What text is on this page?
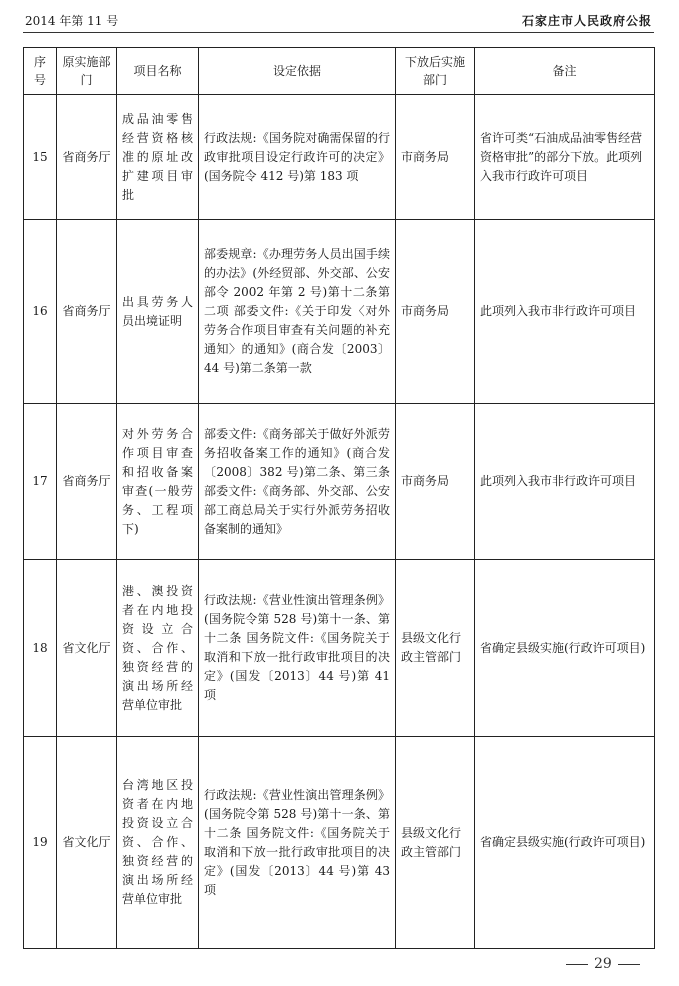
2014 年第 11 号	石家庄市人民政府公报
序号	原实施部门	项目名称	设定依据	下放后实施部门	备注
15	省商务厅	成品油零售经营资格核准的原址改扩建项目审批	行政法规:《国务院对确需保留的行政审批项目设定行政许可的决定》(国务院令 412 号)第 183 项	市商务局	省许可类“石油成品油零售经营资格审批”的部分下放。此项列入我市行政许可项目
16	省商务厅	出具劳务人员出境证明	部委规章:《办理劳务人员出国手续的办法》(外经贸部、外交部、公安部令 2002 年第 2 号)第十二条第二项 部委文件:《关于印发〈对外劳务合作项目审查有关问题的补充通知〉的通知》(商合发〔2003〕44 号)第二条第一款	市商务局	此项列入我市非行政许可项目
17	省商务厅	对外劳务合作项目审查和招收备案审查(一般劳务、工程项下)	部委文件:《商务部关于做好外派劳务招收备案工作的通知》(商合发〔2008〕382 号)第二条、第三条 部委文件:《商务部、外交部、公安部工商总局关于实行外派劳务招收备案制的通知》	市商务局	此项列入我市非行政许可项目
18	省文化厅	港、澳投资者在内地投资设立合资、合作、独资经营的演出场所经营单位审批	行政法规:《营业性演出管理条例》(国务院令第 528 号)第十一条、第十二条 国务院文件:《国务院关于取消和下放一批行政审批项目的决定》(国发〔2013〕44 号)第 41 项	县级文化行政主管部门	省确定县级实施(行政许可项目)
19	省文化厅	台湾地区投资者在内地投资设立合资、合作、独资经营的演出场所经营单位审批	行政法规:《营业性演出管理条例》(国务院令第 528 号)第十一条、第十二条 国务院文件:《国务院关于取消和下放一批行政审批项目的决定》(国发〔2013〕44 号)第 43 项	县级文化行政主管部门	省确定县级实施(行政许可项目)
29
